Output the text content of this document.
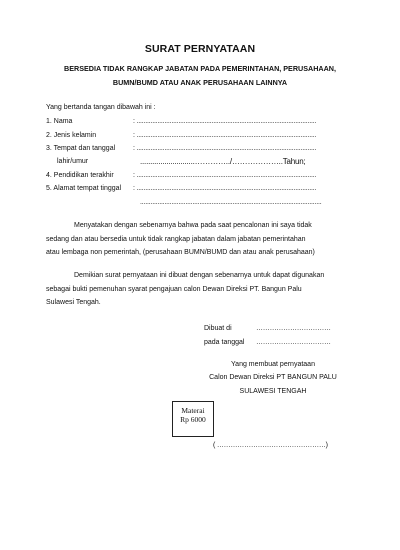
SURAT PERNYATAAN
BERSEDIA TIDAK RANGKAP JABATAN PADA PEMERINTAHAN, PERUSAHAAN,
BUMN/BUMD ATAU ANAK PERUSAHAAN LAINNYA
Yang bertanda tangan dibawah ini :
1. Nama	: .......................................................................................................
2. Jenis kelamin	: .......................................................................................................
3. Tempat dan tanggal	: .......................................................................................................
lahir/umur	...........................…………../………………..Tahun;
4. Pendidikan terakhir	: .......................................................................................................
5. Alamat tempat tinggal : .......................................................................................................
........................................................................................................
Menyatakan dengan sebenarnya bahwa pada saat pencalonan ini saya tidak
sedang dan atau bersedia untuk tidak rangkap jabatan dalam jabatan pemerintahan
atau lembaga non pemerintah, (perusahaan BUMN/BUMD dan atau anak perusahaan)
Demikian surat pernyataan ini dibuat dengan sebenarnya untuk dapat digunakan
sebagai bukti pemenuhan syarat pengajuan calon Dewan Direksi PT. Bangun Palu
Sulawesi Tengah.
Dibuat di	……………………………
pada tanggal ……………………………
Yang membuat pernyataan
Calon Dewan Direksi PT BANGUN PALU
SULAWESI TENGAH
Materai
Rp 6000
( …………………………………………)
